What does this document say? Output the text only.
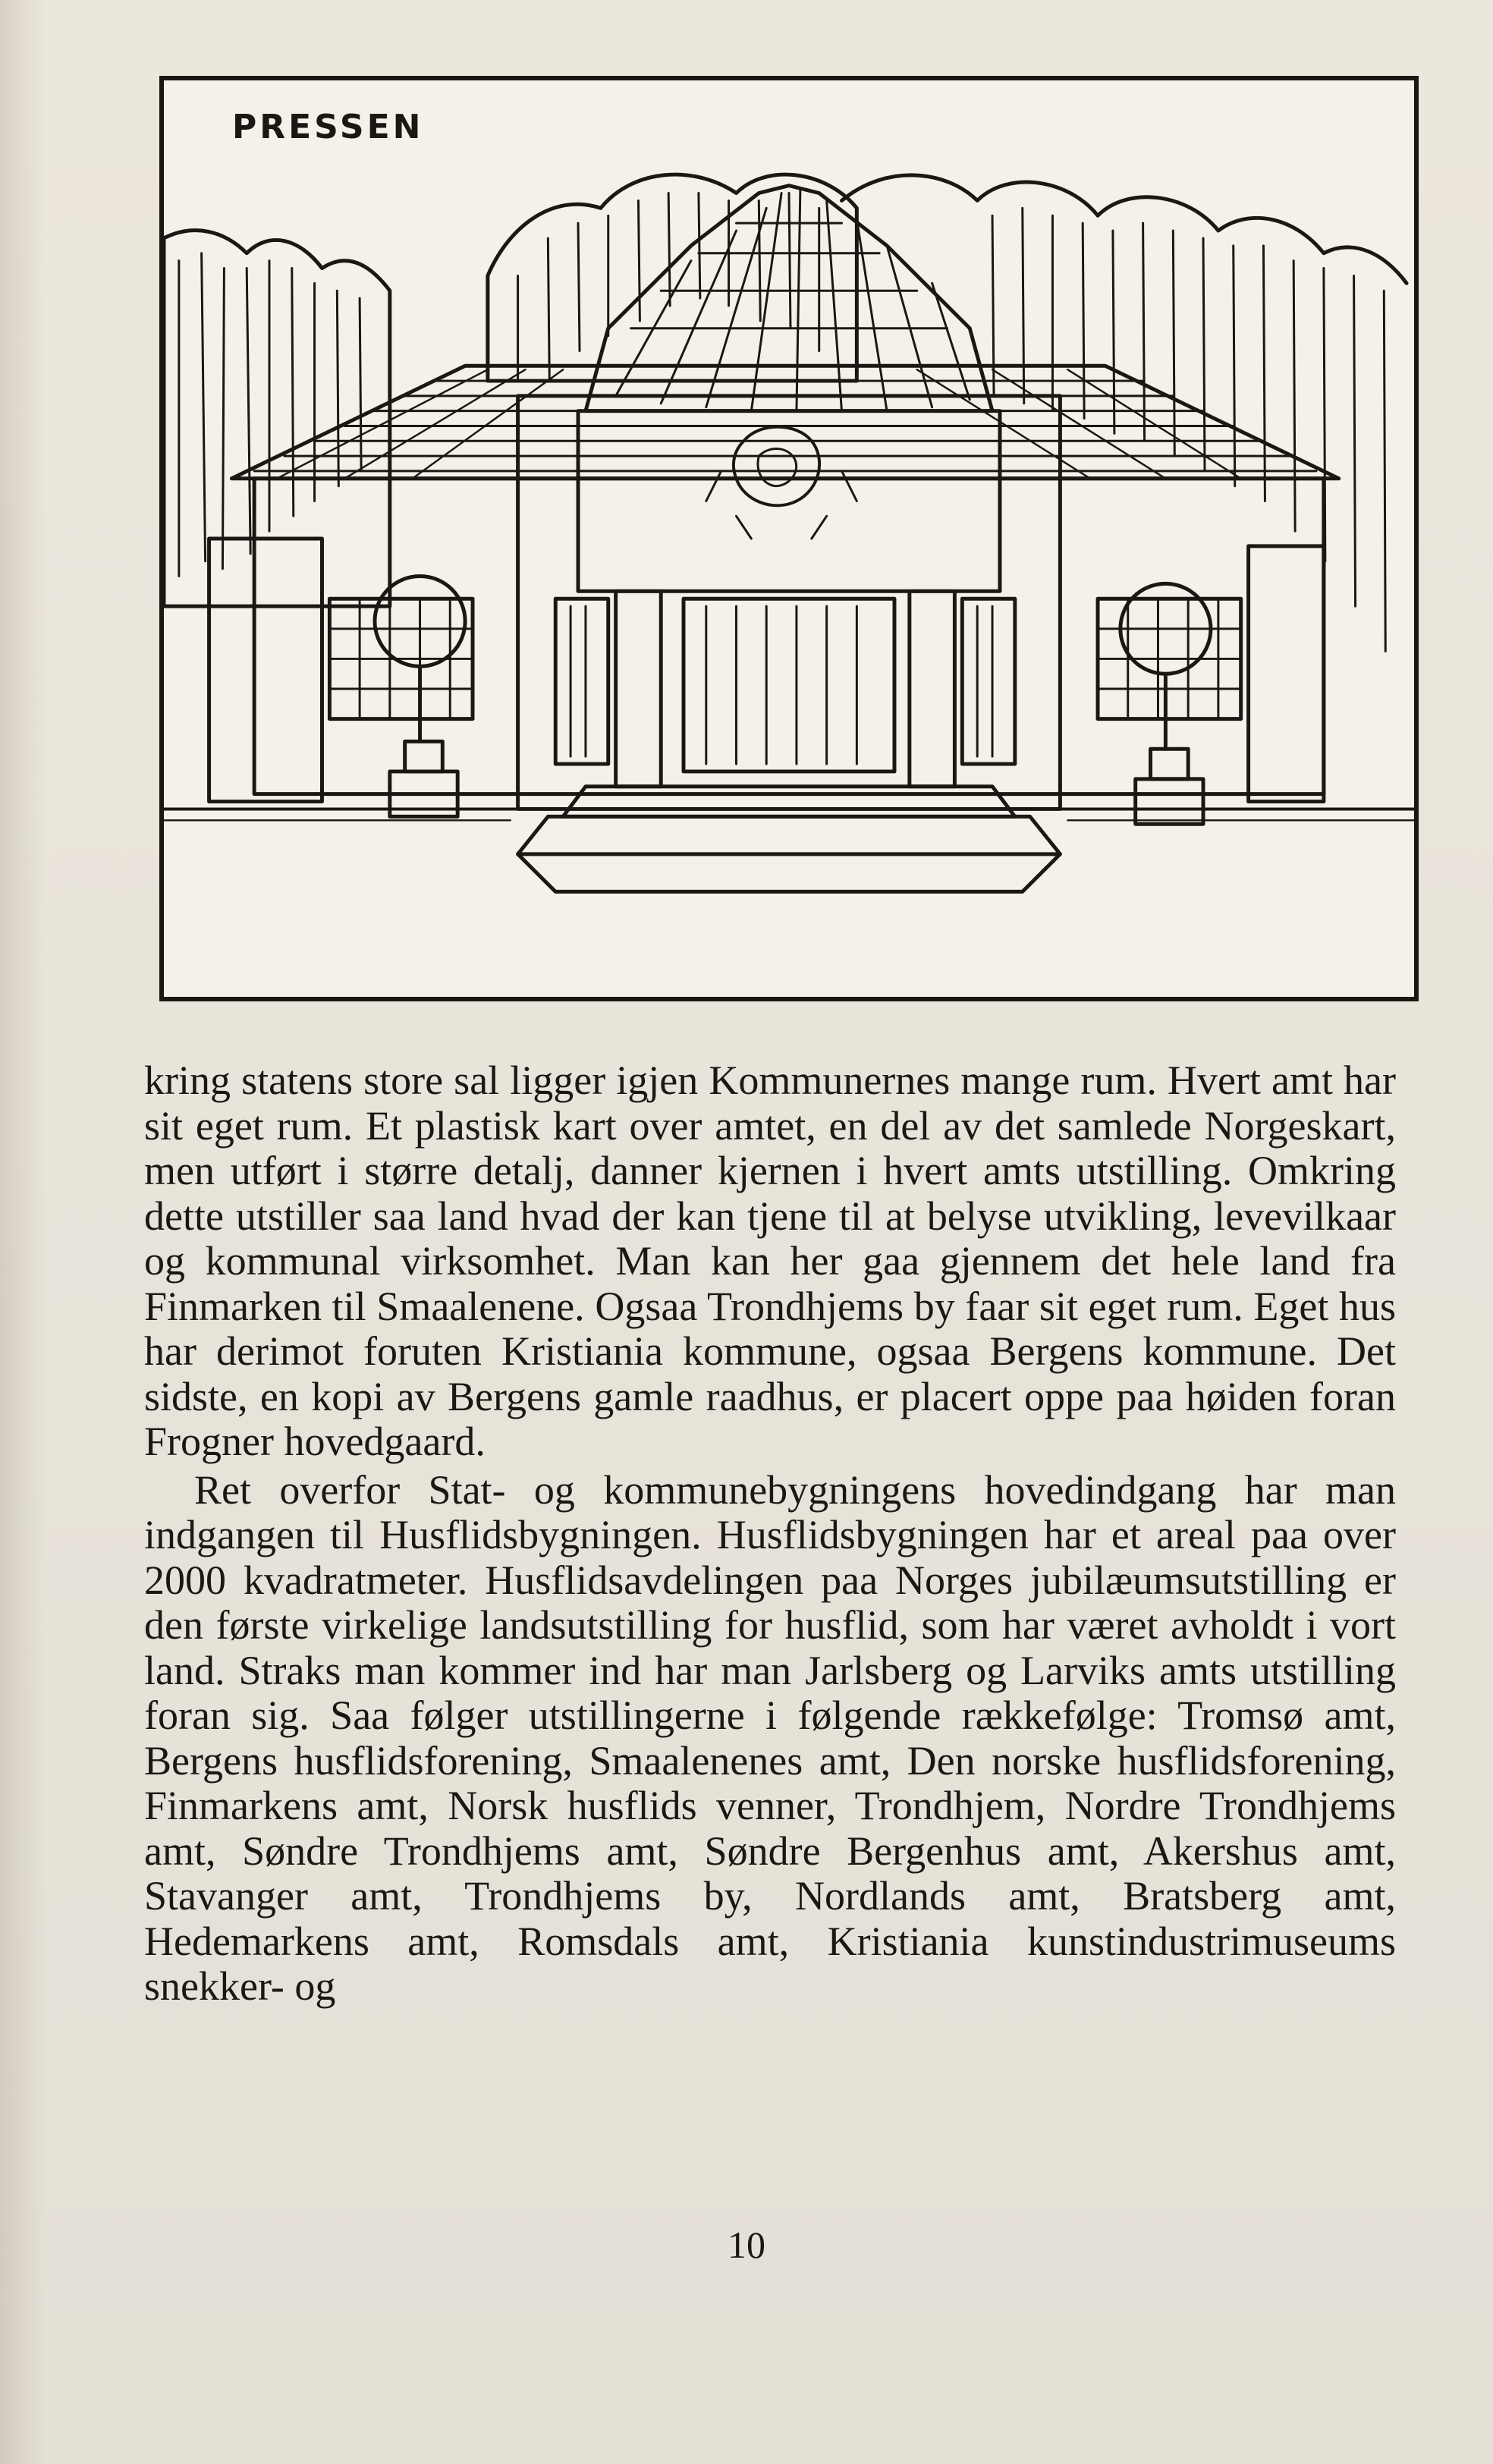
PRESSEN

kring statens store sal ligger igjen Kommunernes mange rum. Hvert amt har sit eget rum. Et plastisk kart over amtet, en del av det samlede Norgeskart, men utført i større detalj, danner kjernen i hvert amts utstilling. Omkring dette utstiller saa land hvad der kan tjene til at belyse utvikling, levevilkaar og kommunal virksomhet. Man kan her gaa gjennem det hele land fra Finmarken til Smaalenene. Ogsaa Trondhjems by faar sit eget rum. Eget hus har derimot foruten Kristiania kommune, ogsaa Bergens kommune. Det sidste, en kopi av Bergens gamle raadhus, er placert oppe paa høiden foran Frogner hovedgaard.

Ret overfor Stat- og kommunebygningens hovedindgang har man indgangen til Husflidsbygningen. Husflidsbygningen har et areal paa over 2000 kvadratmeter. Husflidsavdelingen paa Norges jubilæumsutstilling er den første virkelige landsutstilling for husflid, som har været avholdt i vort land. Straks man kommer ind har man Jarlsberg og Larviks amts utstilling foran sig. Saa følger utstillingerne i følgende rækkefølge: Tromsø amt, Bergens husflidsforening, Smaalenenes amt, Den norske husflidsforening, Finmarkens amt, Norsk husflids venner, Trondhjem, Nordre Trondhjems amt, Søndre Trondhjems amt, Søndre Bergenhus amt, Akershus amt, Stavanger amt, Trondhjems by, Nordlands amt, Bratsberg amt, Hedemarkens amt, Romsdals amt, Kristiania kunstindustrimuseums snekker- og

10
